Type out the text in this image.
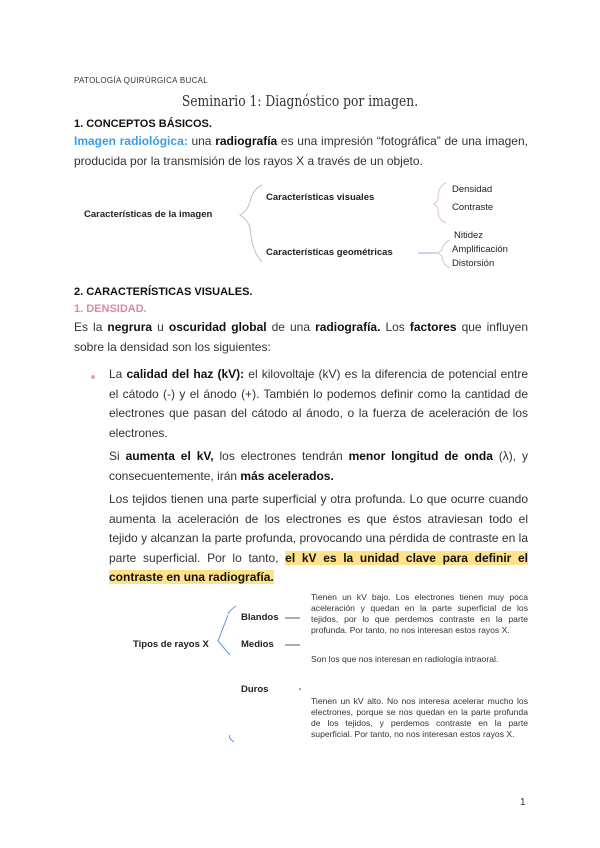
PATOLOGÍA QUIRÚRGICA BUCAL
Seminario 1: Diagnóstico por imagen.
1. CONCEPTOS BÁSICOS.
Imagen radiológica: una radiografía es una impresión “fotográfica” de una imagen, producida por la transmisión de los rayos X a través de un objeto.
Características de la imagen
Características visuales
Densidad
Contraste
Características geométricas
Nitidez
Amplificación
Distorsión
2. CARACTERÍSTICAS VISUALES.
1. DENSIDAD.
Es la negrura u oscuridad global de una radiografía. Los factores que influyen sobre la densidad son los siguientes:
La calidad del haz (kV): el kilovoltaje (kV) es la diferencia de potencial entre el cátodo (-) y el ánodo (+). También lo podemos definir como la cantidad de electrones que pasan del cátodo al ánodo, o la fuerza de aceleración de los electrones.
Si aumenta el kV, los electrones tendrán menor longitud de onda (λ), y consecuentemente, irán más acelerados.
Los tejidos tienen una parte superficial y otra profunda. Lo que ocurre cuando aumenta la aceleración de los electrones es que éstos atraviesan todo el tejido y alcanzan la parte profunda, provocando una pérdida de contraste en la parte superficial. Por lo tanto, el kV es la unidad clave para definir el contraste en una radiografía.
Tipos de rayos X
Blandos
Medios
Duros
Tienen un kV bajo. Los electrones tienen muy poca aceleración y quedan en la parte superficial de los tejidos, por lo que perdemos contraste en la parte profunda. Por tanto, no nos interesan estos rayos X.
Son los que nos interesan en radiología intraoral.
Tienen un kV alto. No nos interesa acelerar mucho los electrones, porque se nos quedan en la parte profunda de los tejidos, y perdemos contraste en la parte superficial. Por tanto, no nos interesan estos rayos X.
1
